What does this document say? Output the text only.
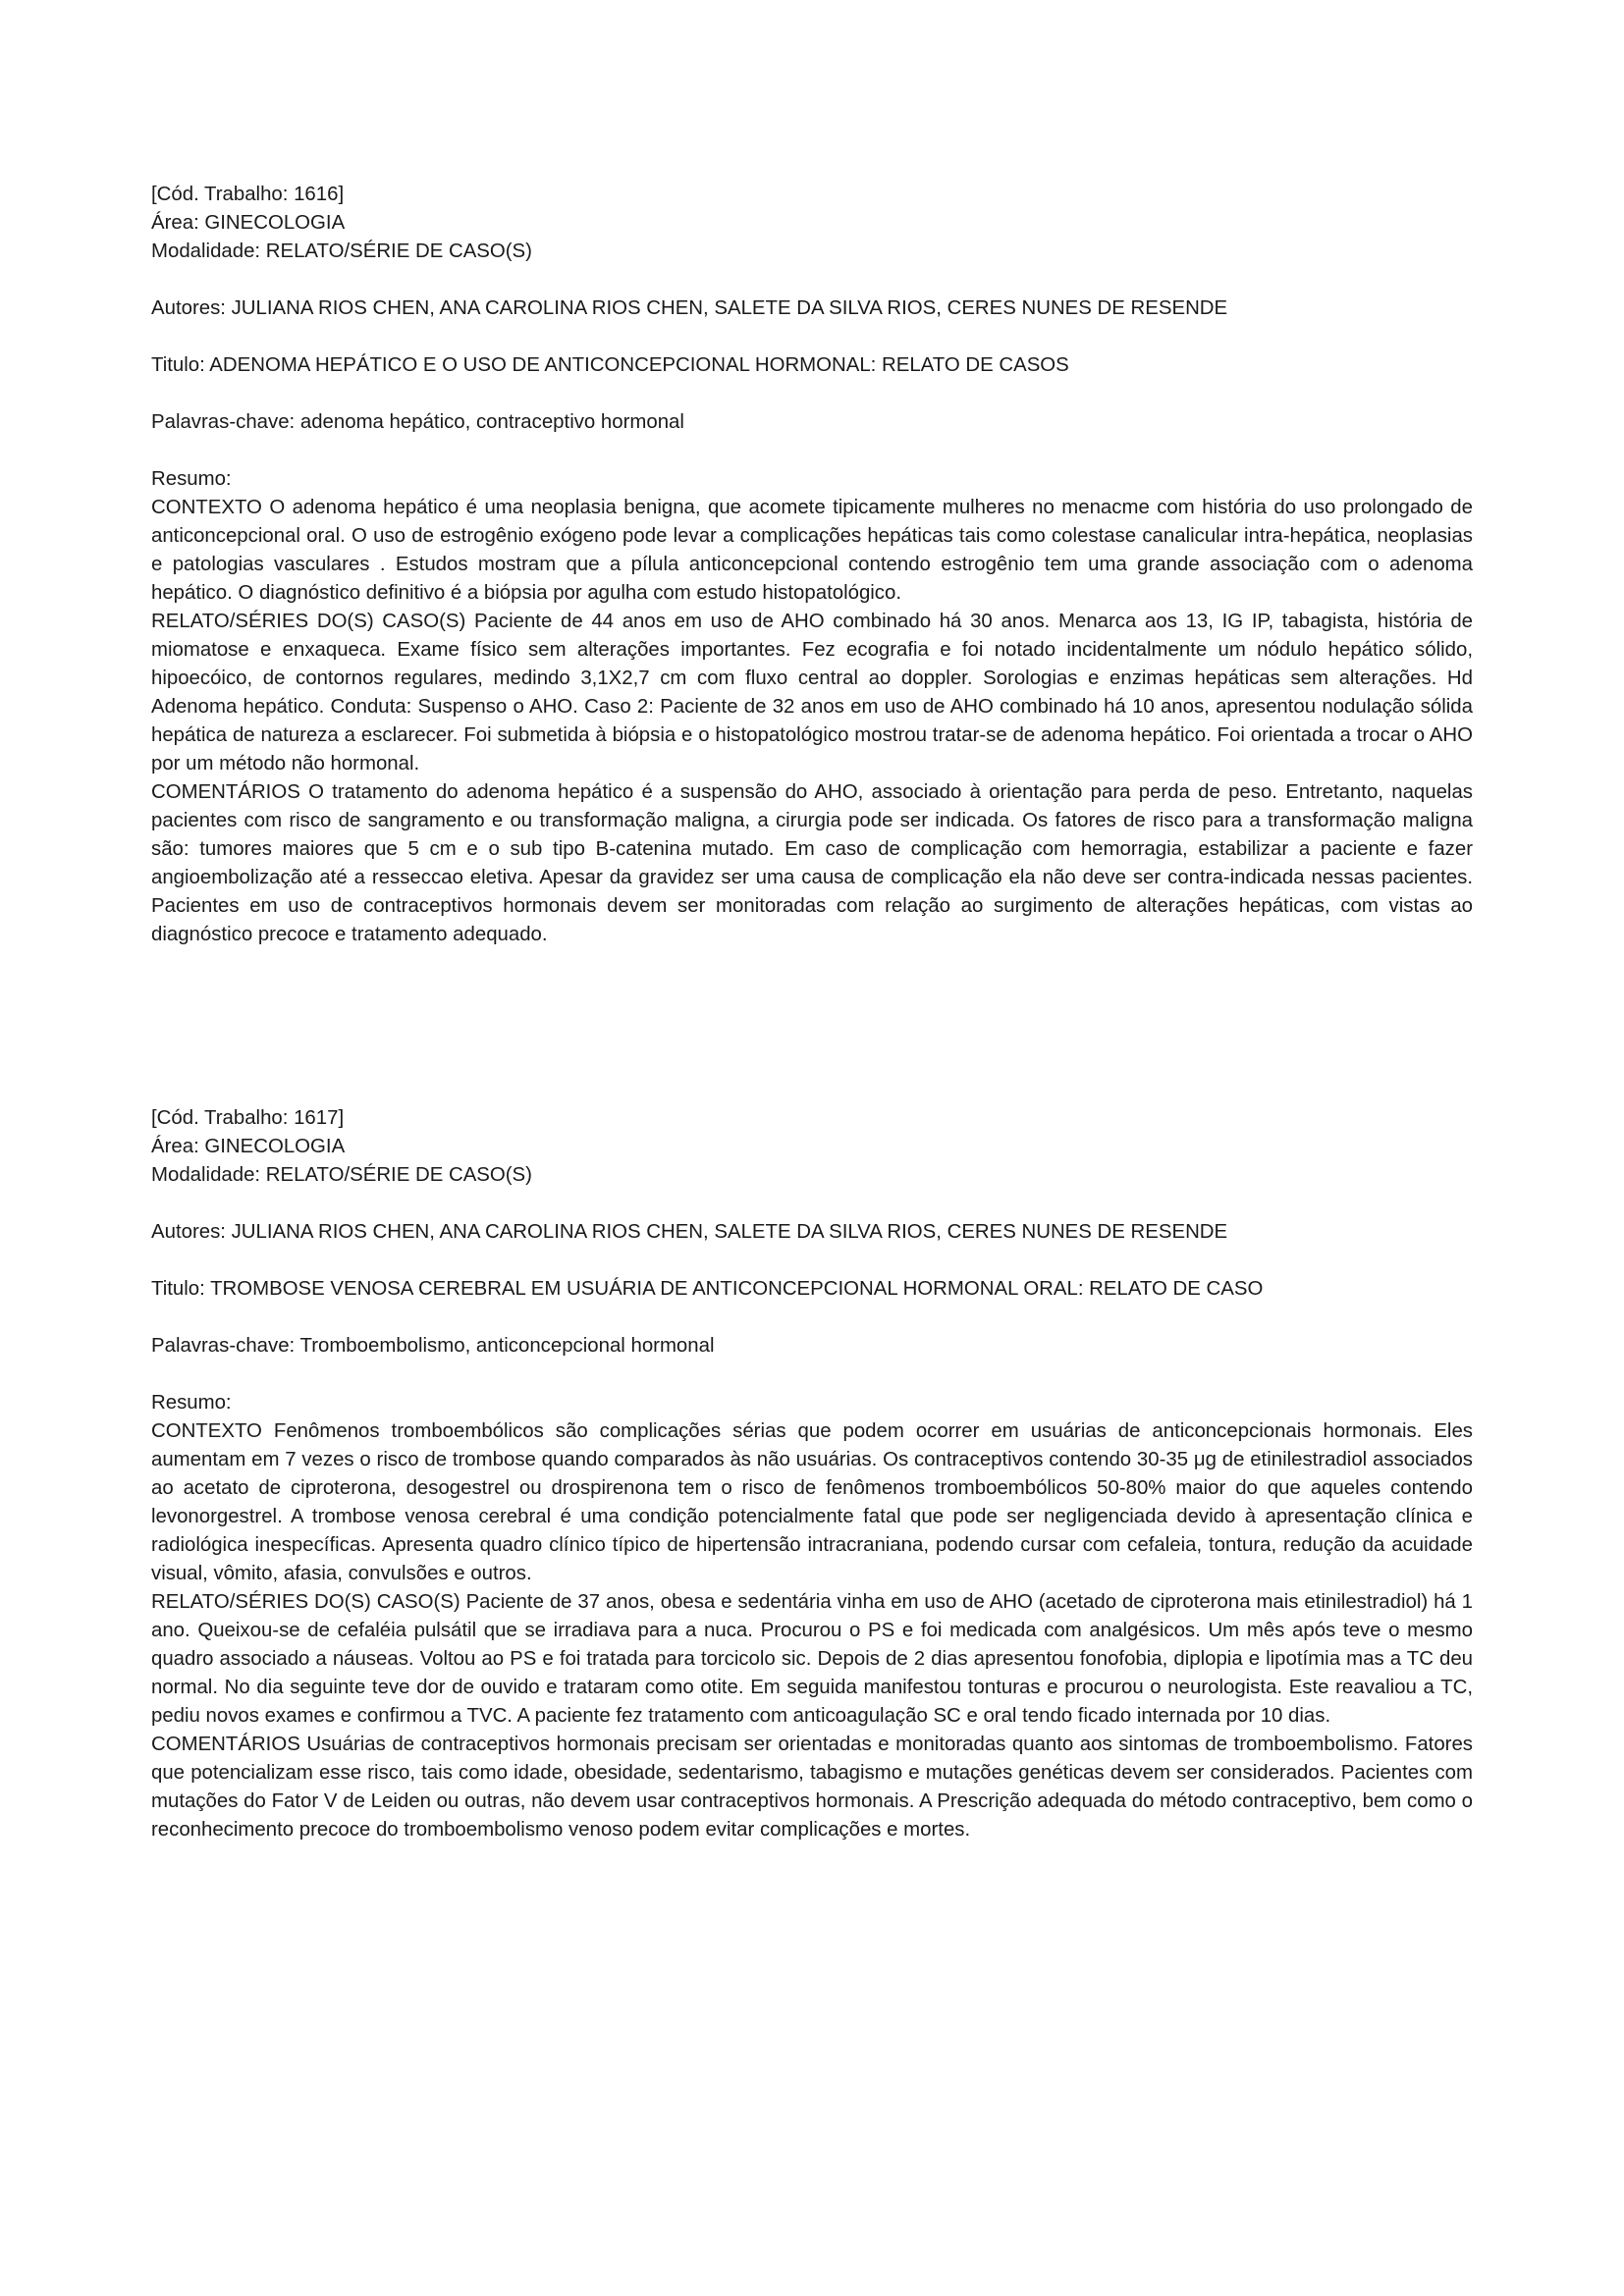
[Cód. Trabalho: 1616]

Área: GINECOLOGIA

Modalidade: RELATO/SÉRIE DE CASO(S)

Autores: JULIANA RIOS CHEN, ANA CAROLINA RIOS CHEN, SALETE DA SILVA RIOS, CERES NUNES DE RESENDE

Titulo: ADENOMA HEPÁTICO E O USO DE ANTICONCEPCIONAL HORMONAL: RELATO DE CASOS

Palavras-chave: adenoma hepático, contraceptivo hormonal

Resumo:

CONTEXTO O adenoma hepático é uma neoplasia benigna, que acomete tipicamente mulheres no menacme com história do uso prolongado de anticoncepcional oral. O uso de estrogênio exógeno pode levar a complicações hepáticas tais como colestase canalicular intra-hepática, neoplasias e patologias vasculares . Estudos mostram que a pílula anticoncepcional contendo estrogênio tem uma grande associação com o adenoma hepático. O diagnóstico definitivo é a biópsia por agulha com estudo histopatológico.

RELATO/SÉRIES DO(S) CASO(S) Paciente de 44 anos em uso de AHO combinado há 30 anos. Menarca aos 13, IG IP, tabagista, história de miomatose e enxaqueca. Exame físico sem alterações importantes. Fez ecografia e foi notado incidentalmente um nódulo hepático sólido, hipoecóico, de contornos regulares, medindo 3,1X2,7 cm com fluxo central ao doppler. Sorologias e enzimas hepáticas sem alterações. Hd Adenoma hepático. Conduta: Suspenso o AHO. Caso 2: Paciente de 32 anos em uso de AHO combinado há 10 anos, apresentou nodulação sólida hepática de natureza a esclarecer. Foi submetida à biópsia e o histopatológico mostrou tratar-se de adenoma hepático. Foi orientada a trocar o AHO por um método não hormonal.

COMENTÁRIOS O tratamento do adenoma hepático é a suspensão do AHO, associado à orientação para perda de peso. Entretanto, naquelas pacientes com risco de sangramento e ou transformação maligna, a cirurgia pode ser indicada. Os fatores de risco para a transformação maligna são: tumores maiores que 5 cm e o sub tipo B-catenina mutado. Em caso de complicação com hemorragia, estabilizar a paciente e fazer angioembolização até a resseccao eletiva. Apesar da gravidez ser uma causa de complicação ela não deve ser contra-indicada nessas pacientes. Pacientes em uso de contraceptivos hormonais devem ser monitoradas com relação ao surgimento de alterações hepáticas, com vistas ao diagnóstico precoce e tratamento adequado.

[Cód. Trabalho: 1617]

Área: GINECOLOGIA

Modalidade: RELATO/SÉRIE DE CASO(S)

Autores: JULIANA RIOS CHEN, ANA CAROLINA RIOS CHEN, SALETE DA SILVA RIOS, CERES NUNES DE RESENDE

Titulo: TROMBOSE VENOSA CEREBRAL EM USUÁRIA DE ANTICONCEPCIONAL HORMONAL ORAL: RELATO DE CASO

Palavras-chave: Tromboembolismo, anticoncepcional hormonal

Resumo:

CONTEXTO Fenômenos tromboembólicos são complicações sérias que podem ocorrer em usuárias de anticoncepcionais hormonais. Eles aumentam em 7 vezes o risco de trombose quando comparados às não usuárias. Os contraceptivos contendo 30-35 μg de etinilestradiol associados ao acetato de ciproterona, desogestrel ou drospirenona tem o risco de fenômenos tromboembólicos 50-80% maior do que aqueles contendo levonorgestrel. A trombose venosa cerebral é uma condição potencialmente fatal que pode ser negligenciada devido à apresentação clínica e radiológica inespecíficas. Apresenta quadro clínico típico de hipertensão intracraniana, podendo cursar com cefaleia, tontura, redução da acuidade visual, vômito, afasia, convulsões e outros.

RELATO/SÉRIES DO(S) CASO(S) Paciente de 37 anos, obesa e sedentária vinha em uso de AHO (acetado de ciproterona mais etinilestradiol) há 1 ano. Queixou-se de cefaléia pulsátil que se irradiava para a nuca. Procurou o PS e foi medicada com analgésicos. Um mês após teve o mesmo quadro associado a náuseas. Voltou ao PS e foi tratada para torcicolo sic. Depois de 2 dias apresentou fonofobia, diplopia e lipotímia mas a TC deu normal. No dia seguinte teve dor de ouvido e trataram como otite. Em seguida manifestou tonturas e procurou o neurologista. Este reavaliou a TC, pediu novos exames e confirmou a TVC. A paciente fez tratamento com anticoagulação SC e oral tendo ficado internada por 10 dias.

COMENTÁRIOS Usuárias de contraceptivos hormonais precisam ser orientadas e monitoradas quanto aos sintomas de tromboembolismo. Fatores que potencializam esse risco, tais como idade, obesidade, sedentarismo, tabagismo e mutações genéticas devem ser considerados. Pacientes com mutações do Fator V de Leiden ou outras, não devem usar contraceptivos hormonais. A Prescrição adequada do método contraceptivo, bem como o reconhecimento precoce do tromboembolismo venoso podem evitar complicações e mortes.
